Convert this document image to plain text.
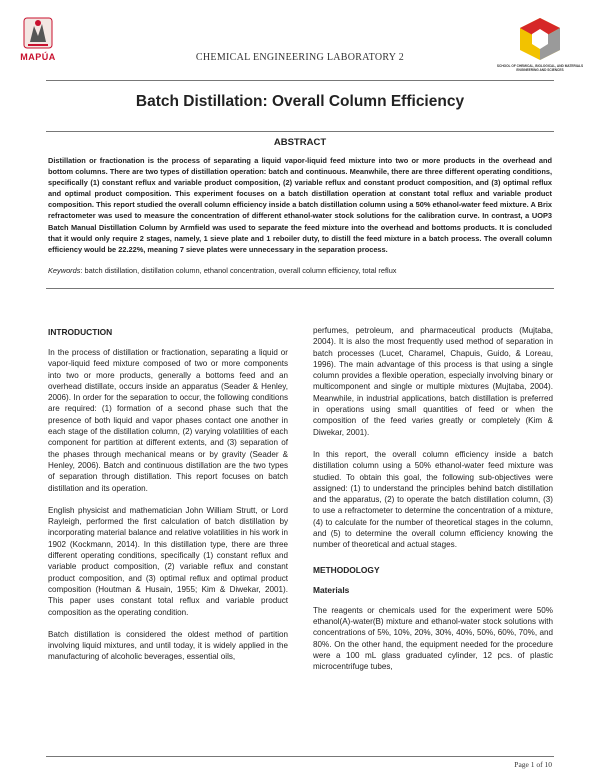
MAPÚA	CHEMICAL ENGINEERING LABORATORY 2
SCHOOL OF CHEMICAL, BIOLOGICAL, AND MATERIALS ENGINEERING AND SCIENCES
Batch Distillation: Overall Column Efficiency
ABSTRACT

Distillation or fractionation is the process of separating a liquid vapor-liquid feed mixture into two or more products in the overhead and bottom columns. There are two types of distillation operation: batch and continuous. Meanwhile, there are three different operating conditions, specifically (1) constant reflux and variable product composition, (2) variable reflux and constant product composition, and (3) optimal reflux and optimal product composition. This experiment focuses on a batch distillation operation at constant total reflux and variable product composition. This report studied the overall column efficiency inside a batch distillation column using a 50% ethanol-water feed mixture. A Brix refractometer was used to measure the concentration of different ethanol-water stock solutions for the calibration curve. In contrast, a UOP3 Batch Manual Distillation Column by Armfield was used to separate the feed mixture into the overhead and bottoms products. It is concluded that it would only require 2 stages, namely, 1 sieve plate and 1 reboiler duty, to distill the feed mixture in a batch process. The overall column efficiency would be 22.22%, meaning 7 sieve plates were unnecessary in the separation process.

Keywords: batch distillation, distillation column, ethanol concentration, overall column efficiency, total reflux

INTRODUCTION

In the process of distillation or fractionation, separating a liquid or vapor-liquid feed mixture composed of two or more components into two or more products, generally a bottoms feed and an overhead distillate, occurs inside an apparatus (Seader & Henley, 2006). In order for the separation to occur, the following conditions are required: (1) formation of a second phase such that the presence of both liquid and vapor phases contact one another in each stage of the distillation column, (2) varying volatilities of each component for partition at different extents, and (3) separation of the phases through mechanical means or by gravity (Seader & Henley, 2006). Batch and continuous distillation are the two types of separation through distillation. This report focuses on batch distillation and its operation.

English physicist and mathematician John William Strutt, or Lord Rayleigh, performed the first calculation of batch distillation by incorporating material balance and relative volatilities in his work in 1902 (Kockmann, 2014). In this distillation type, there are three different operating conditions, specifically (1) constant reflux and variable product composition, (2) variable reflux and constant product composition, and (3) optimal reflux and optimal product composition (Houtman & Husain, 1955; Kim & Diwekar, 2001). This paper uses constant total reflux and variable product composition as the operating condition.

Batch distillation is considered the oldest method of partition involving liquid mixtures, and until today, it is widely applied in the manufacturing of alcoholic beverages, essential oils,

perfumes, petroleum, and pharmaceutical products (Mujtaba, 2004). It is also the most frequently used method of separation in batch processes (Lucet, Charamel, Chapuis, Guido, & Loreau, 1996). The main advantage of this process is that using a single column provides a flexible operation, especially involving binary or multicomponent and single or multiple mixtures (Mujtaba, 2004). Meanwhile, in industrial applications, batch distillation is preferred in operations using small quantities of feed or when the composition of the feed varies greatly or completely (Kim & Diwekar, 2001).

In this report, the overall column efficiency inside a batch distillation column using a 50% ethanol-water feed mixture was studied. To obtain this goal, the following sub-objectives were assigned: (1) to understand the principles behind batch distillation and the apparatus, (2) to operate the batch distillation column, (3) to use a refractometer to determine the concentration of a mixture, (4) to calculate for the number of theoretical stages in the column, and (5) to determine the overall column efficiency knowing the number of theoretical and actual stages.

METHODOLOGY
Materials

The reagents or chemicals used for the experiment were 50% ethanol(A)-water(B) mixture and ethanol-water stock solutions with concentrations of 5%, 10%, 20%, 30%, 40%, 50%, 60%, 70%, and 80%. On the other hand, the equipment needed for the procedure were a 100 mL glass graduated cylinder, 12 pcs. of plastic microcentrifuge tubes,

Page 1 of 10
